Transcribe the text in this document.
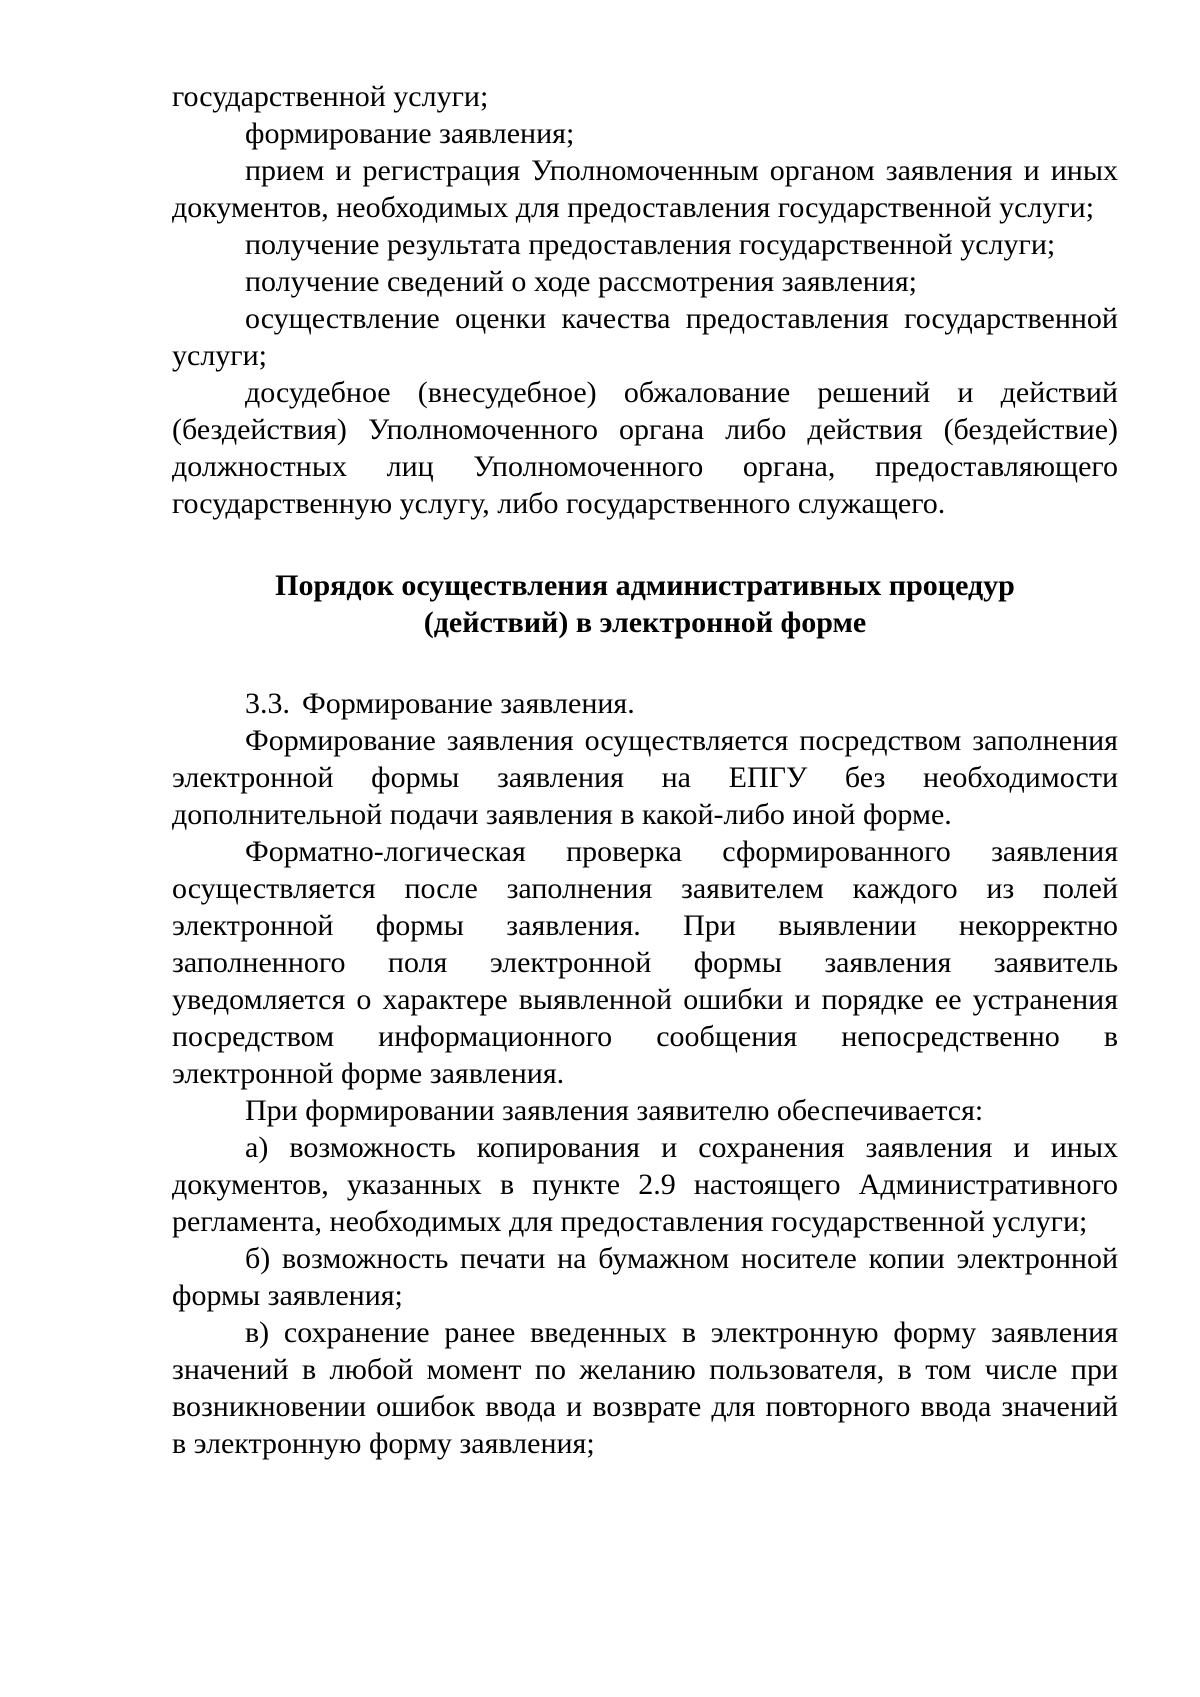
государственной услуги;

формирование заявления;

прием и регистрация Уполномоченным органом заявления и иных документов, необходимых для предоставления государственной услуги;

получение результата предоставления государственной услуги;

получение сведений о ходе рассмотрения заявления;

осуществление оценки качества предоставления государственной услуги;

досудебное (внесудебное) обжалование решений и действий (бездействия) Уполномоченного органа либо действия (бездействие) должностных лиц Уполномоченного органа, предоставляющего государственную услугу, либо государственного служащего.

Порядок осуществления административных процедур
(действий) в электронной форме

3.3. Формирование заявления.

Формирование заявления осуществляется посредством заполнения электронной формы заявления на ЕПГУ без необходимости дополнительной подачи заявления в какой-либо иной форме.

Форматно-логическая проверка сформированного заявления осуществляется после заполнения заявителем каждого из полей электронной формы заявления. При выявлении некорректно заполненного поля электронной формы заявления заявитель уведомляется о характере выявленной ошибки и порядке ее устранения посредством информационного сообщения непосредственно в электронной форме заявления.

При формировании заявления заявителю обеспечивается:

а) возможность копирования и сохранения заявления и иных документов, указанных в пункте 2.9 настоящего Административного регламента, необходимых для предоставления государственной услуги;

б) возможность печати на бумажном носителе копии электронной формы заявления;

в) сохранение ранее введенных в электронную форму заявления значений в любой момент по желанию пользователя, в том числе при возникновении ошибок ввода и возврате для повторного ввода значений в электронную форму заявления;
